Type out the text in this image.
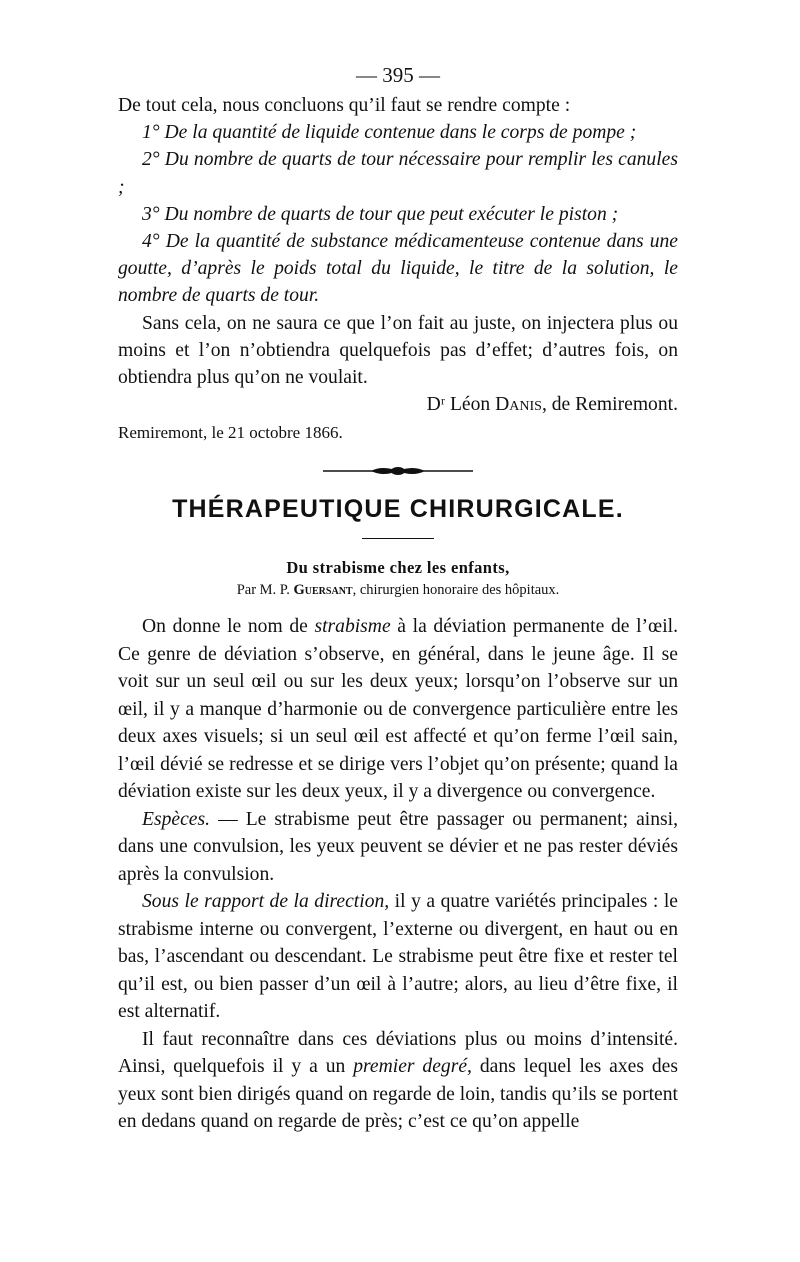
— 395 —

De tout cela, nous concluons qu’il faut se rendre compte :

1° De la quantité de liquide contenue dans le corps de pompe ;

2° Du nombre de quarts de tour nécessaire pour remplir les canules ;

3° Du nombre de quarts de tour que peut exécuter le piston ;

4° De la quantité de substance médicamenteuse contenue dans une goutte, d’après le poids total du liquide, le titre de la solution, le nombre de quarts de tour.

Sans cela, on ne saura ce que l’on fait au juste, on injectera plus ou moins et l’on n’obtiendra quelquefois pas d’effet; d’autres fois, on obtiendra plus qu’on ne voulait.

Dʳ Léon Danis, de Remiremont.
Remiremont, le 21 octobre 1866.
THÉRAPEUTIQUE CHIRURGICALE.
Du strabisme chez les enfants,
Par M. P. Guersant, chirurgien honoraire des hôpitaux.

On donne le nom de strabisme à la déviation permanente de l’œil. Ce genre de déviation s’observe, en général, dans le jeune âge. Il se voit sur un seul œil ou sur les deux yeux; lorsqu’on l’observe sur un œil, il y a manque d’harmonie ou de convergence particulière entre les deux axes visuels; si un seul œil est affecté et qu’on ferme l’œil sain, l’œil dévié se redresse et se dirige vers l’objet qu’on présente; quand la déviation existe sur les deux yeux, il y a divergence ou convergence.

Espèces. — Le strabisme peut être passager ou permanent; ainsi, dans une convulsion, les yeux peuvent se dévier et ne pas rester déviés après la convulsion.

Sous le rapport de la direction, il y a quatre variétés principales : le strabisme interne ou convergent, l’externe ou divergent, en haut ou en bas, l’ascendant ou descendant. Le strabisme peut être fixe et rester tel qu’il est, ou bien passer d’un œil à l’autre; alors, au lieu d’être fixe, il est alternatif.

Il faut reconnaître dans ces déviations plus ou moins d’intensité. Ainsi, quelquefois il y a un premier degré, dans lequel les axes des yeux sont bien dirigés quand on regarde de loin, tandis qu’ils se portent en dedans quand on regarde de près; c’est ce qu’on appelle
